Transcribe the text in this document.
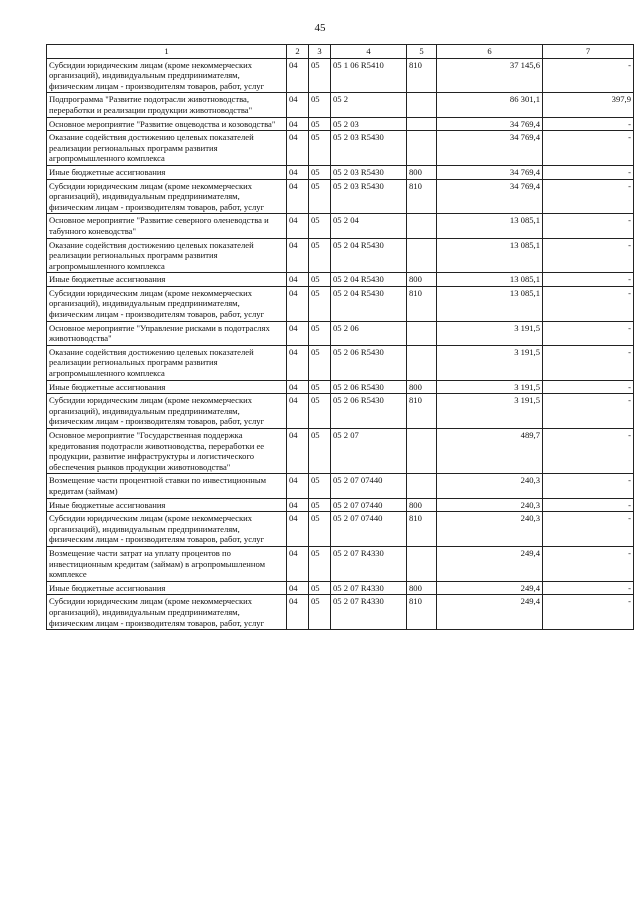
45
1	2	3	4	5	6	7
Субсидии юридическим лицам (кроме некоммерческих организаций), индивидуальным предпринимателям, физическим лицам - производителям товаров, работ, услуг	04	05	05 1 06 R5410	810	37 145,6	-
Подпрограмма "Развитие подотрасли животноводства, переработки и реализации продукции животноводства"	04	05	05 2		86 301,1	397,9
Основное мероприятие "Развитие овцеводства и козоводства"	04	05	05 2 03		34 769,4	-
Оказание содействия достижению целевых показателей реализации региональных программ развития агропромышленного комплекса	04	05	05 2 03 R5430		34 769,4	-
Иные бюджетные ассигнования	04	05	05 2 03 R5430	800	34 769,4	-
Субсидии юридическим лицам (кроме некоммерческих организаций), индивидуальным предпринимателям, физическим лицам - производителям товаров, работ, услуг	04	05	05 2 03 R5430	810	34 769,4	-
Основное мероприятие "Развитие северного оленеводства и табунного коневодства"	04	05	05 2 04		13 085,1	-
Оказание содействия достижению целевых показателей реализации региональных программ развития агропромышленного комплекса	04	05	05 2 04 R5430		13 085,1	-
Иные бюджетные ассигнования	04	05	05 2 04 R5430	800	13 085,1	-
Субсидии юридическим лицам (кроме некоммерческих организаций), индивидуальным предпринимателям, физическим лицам - производителям товаров, работ, услуг	04	05	05 2 04 R5430	810	13 085,1	-
Основное мероприятие "Управление рисками в подотраслях животноводства"	04	05	05 2 06		3 191,5	-
Оказание содействия достижению целевых показателей реализации региональных программ развития агропромышленного комплекса	04	05	05 2 06 R5430		3 191,5	-
Иные бюджетные ассигнования	04	05	05 2 06 R5430	800	3 191,5	-
Субсидии юридическим лицам (кроме некоммерческих организаций), индивидуальным предпринимателям, физическим лицам - производителям товаров, работ, услуг	04	05	05 2 06 R5430	810	3 191,5	-
Основное мероприятие "Государственная поддержка кредитования подотрасли животноводства, переработки ее продукции, развитие инфраструктуры и логистического обеспечения рынков продукции животноводства"	04	05	05 2 07		489,7	-
Возмещение части процентной ставки по инвестиционным кредитам (займам)	04	05	05 2 07 07440		240,3	-
Иные бюджетные ассигнования	04	05	05 2 07 07440	800	240,3	-
Субсидии юридическим лицам (кроме некоммерческих организаций), индивидуальным предпринимателям, физическим лицам - производителям товаров, работ, услуг	04	05	05 2 07 07440	810	240,3	-
Возмещение части затрат на уплату процентов по инвестиционным кредитам (займам) в агропромышленном комплексе	04	05	05 2 07 R4330		249,4	-
Иные бюджетные ассигнования	04	05	05 2 07 R4330	800	249,4	-
Субсидии юридическим лицам (кроме некоммерческих организаций), индивидуальным предпринимателям, физическим лицам - производителям товаров, работ, услуг	04	05	05 2 07 R4330	810	249,4	-
